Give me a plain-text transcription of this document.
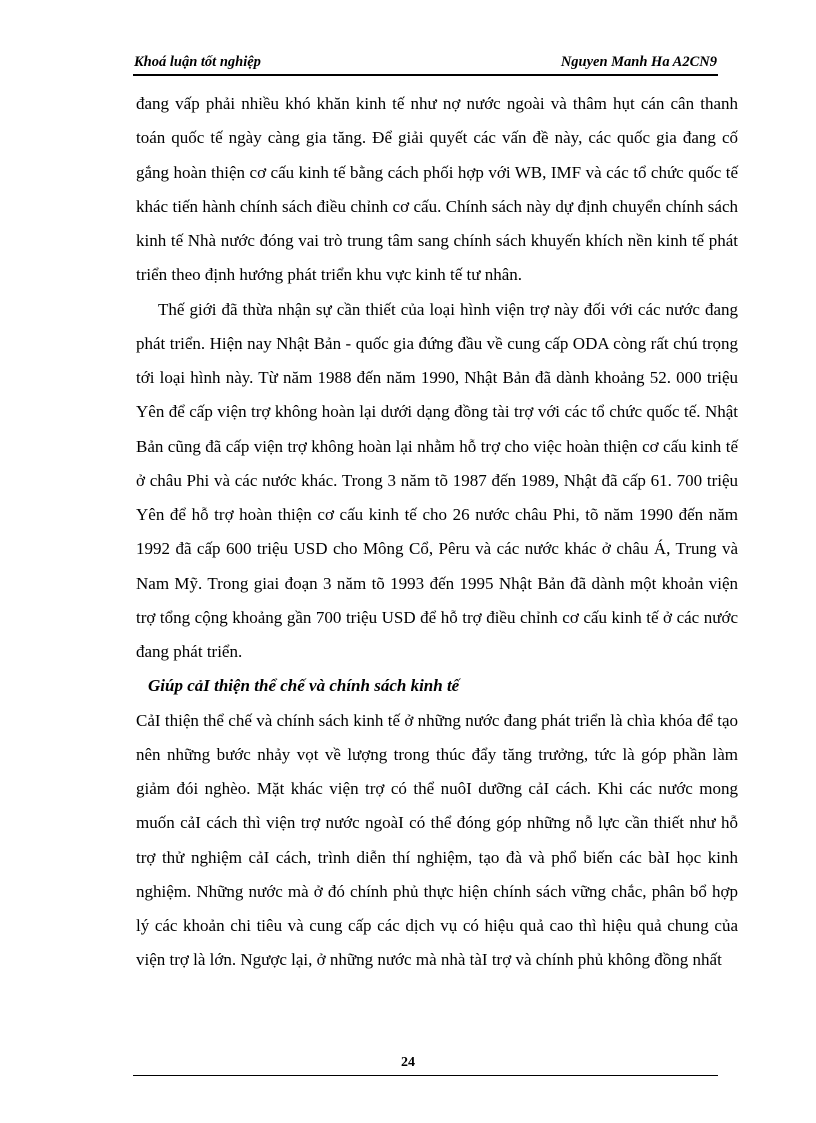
Khoá luận tốt nghiệp	Nguyen Manh Ha A2CN9

đang vấp phải nhiều khó khăn kinh tế như nợ nước ngoài và thâm hụt cán cân thanh toán quốc tế ngày càng gia tăng. Để giải quyết các vấn đề này, các quốc gia đang cố gắng hoàn thiện cơ cấu kinh tế bằng cách phối hợp với WB, IMF và các tổ chức quốc tế khác tiến hành chính sách điều chỉnh cơ cấu. Chính sách này dự định chuyển chính sách kinh tế Nhà nước đóng vai trò trung tâm sang chính sách khuyến khích nền kinh tế phát triển theo định hướng phát triển khu vực kinh tế tư nhân.

Thế giới đã thừa nhận sự cần thiết của loại hình viện trợ này đối với các nước đang phát triển. Hiện nay Nhật Bản - quốc gia đứng đầu về cung cấp ODA còng rất chú trọng tới loại hình này. Từ năm 1988 đến năm 1990, Nhật Bản đã dành khoảng 52. 000 triệu Yên để cấp viện trợ không hoàn lại dưới dạng đồng tài trợ với các tổ chức quốc tế. Nhật Bản cũng đã cấp viện trợ không hoàn lại nhằm hỗ trợ cho việc hoàn thiện cơ cấu kinh tế ở châu Phi và các nước khác. Trong 3 năm tõ 1987 đến 1989, Nhật đã cấp 61. 700 triệu Yên để hỗ trợ hoàn thiện cơ cấu kinh tế cho 26 nước châu Phi, tõ năm 1990 đến năm 1992 đã cấp 600 triệu USD cho Mông Cổ, Pêru và các nước khác ở châu Á, Trung và Nam Mỹ. Trong giai đoạn 3 năm tõ 1993 đến 1995 Nhật Bản đã dành một khoản viện trợ tổng cộng khoảng gần 700 triệu USD để hỗ trợ điều chỉnh cơ cấu kinh tế ở các nước đang phát triển.

Giúp cảI thiện thể chế và chính sách kinh tế

CảI thiện thể chế và chính sách kinh tế ở những nước đang phát triển là chìa khóa để tạo nên những bước nhảy vọt về lượng trong thúc đẩy tăng trưởng, tức là góp phần làm giảm đói nghèo. Mặt khác viện trợ có thể nuôI dưỡng cảI cách. Khi các nước mong muốn cảI cách thì viện trợ nước ngoàI có thể đóng góp những nỗ lực cần thiết như hỗ trợ thử nghiệm cảI cách, trình diễn thí nghiệm, tạo đà và phổ biến các bàI học kinh nghiệm. Những nước mà ở đó chính phủ thực hiện chính sách vững chắc, phân bổ hợp lý các khoản chi tiêu và cung cấp các dịch vụ có hiệu quả cao thì hiệu quả chung của viện trợ là lớn. Ngược lại, ở những nước mà nhà tàI trợ và chính phủ không đồng nhất

24
